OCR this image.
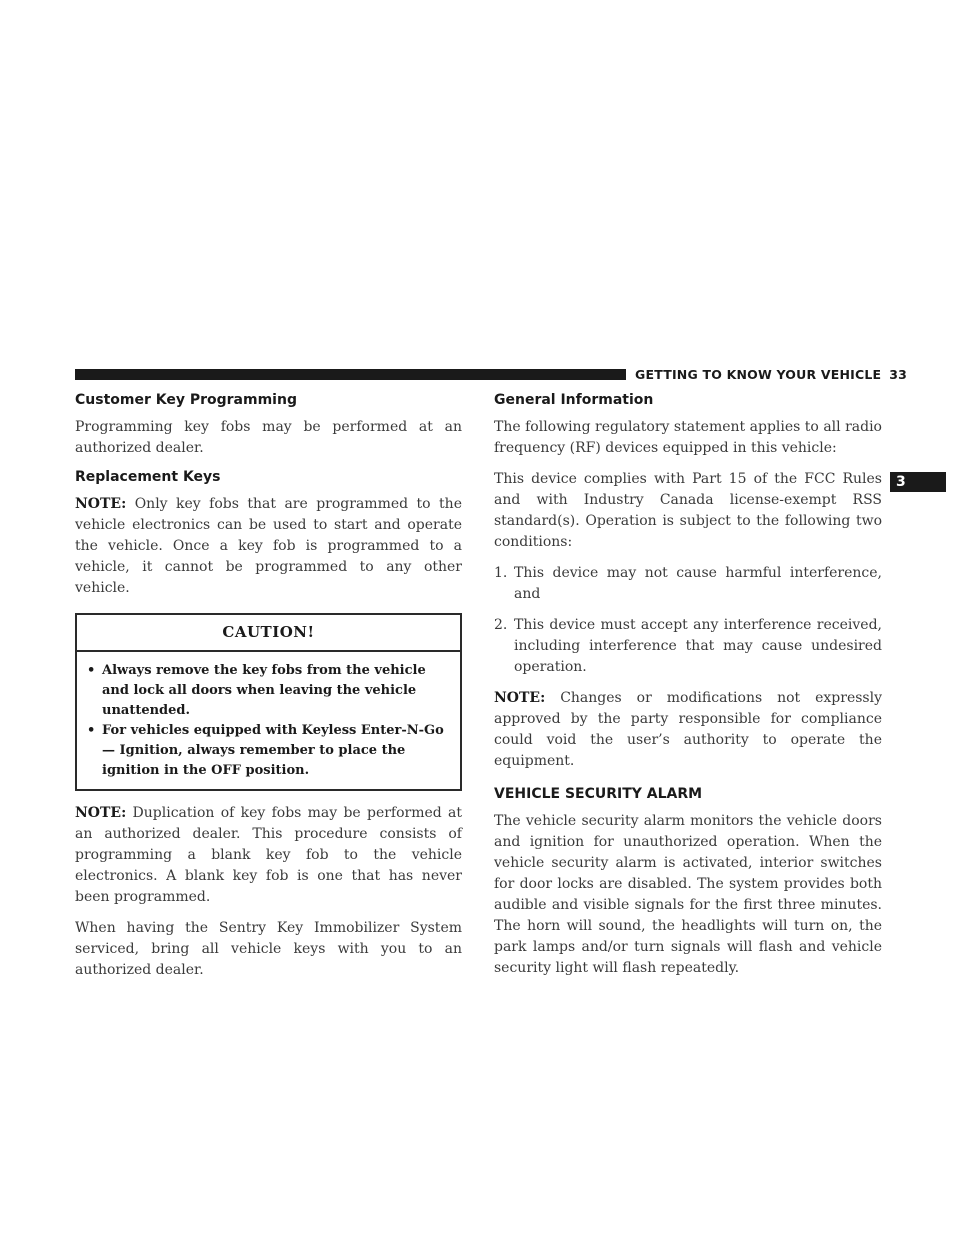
GETTING TO KNOW YOUR VEHICLE 33
3
Customer Key Programming

Programming key fobs may be performed at an authorized dealer.

Replacement Keys

NOTE: Only key fobs that are programmed to the vehicle electronics can be used to start and operate the vehicle. Once a key fob is programmed to a vehicle, it cannot be programmed to any other vehicle.

CAUTION!
• Always remove the key fobs from the vehicle and lock all doors when leaving the vehicle unattended.
• For vehicles equipped with Keyless Enter-N-Go — Ignition, always remember to place the ignition in the OFF position.

NOTE: Duplication of key fobs may be performed at an authorized dealer. This procedure consists of programming a blank key fob to the vehicle electronics. A blank key fob is one that has never been programmed.

When having the Sentry Key Immobilizer System serviced, bring all vehicle keys with you to an authorized dealer.

General Information

The following regulatory statement applies to all radio frequency (RF) devices equipped in this vehicle:

This device complies with Part 15 of the FCC Rules and with Industry Canada license-exempt RSS standard(s). Operation is subject to the following two conditions:

1. This device may not cause harmful interference, and
2. This device must accept any interference received, including interference that may cause undesired operation.

NOTE: Changes or modifications not expressly approved by the party responsible for compliance could void the user’s authority to operate the equipment.

VEHICLE SECURITY ALARM

The vehicle security alarm monitors the vehicle doors and ignition for unauthorized operation. When the vehicle security alarm is activated, interior switches for door locks are disabled. The system provides both audible and visible signals for the first three minutes. The horn will sound, the headlights will turn on, the park lamps and/or turn signals will flash and vehicle security light will flash repeatedly.
